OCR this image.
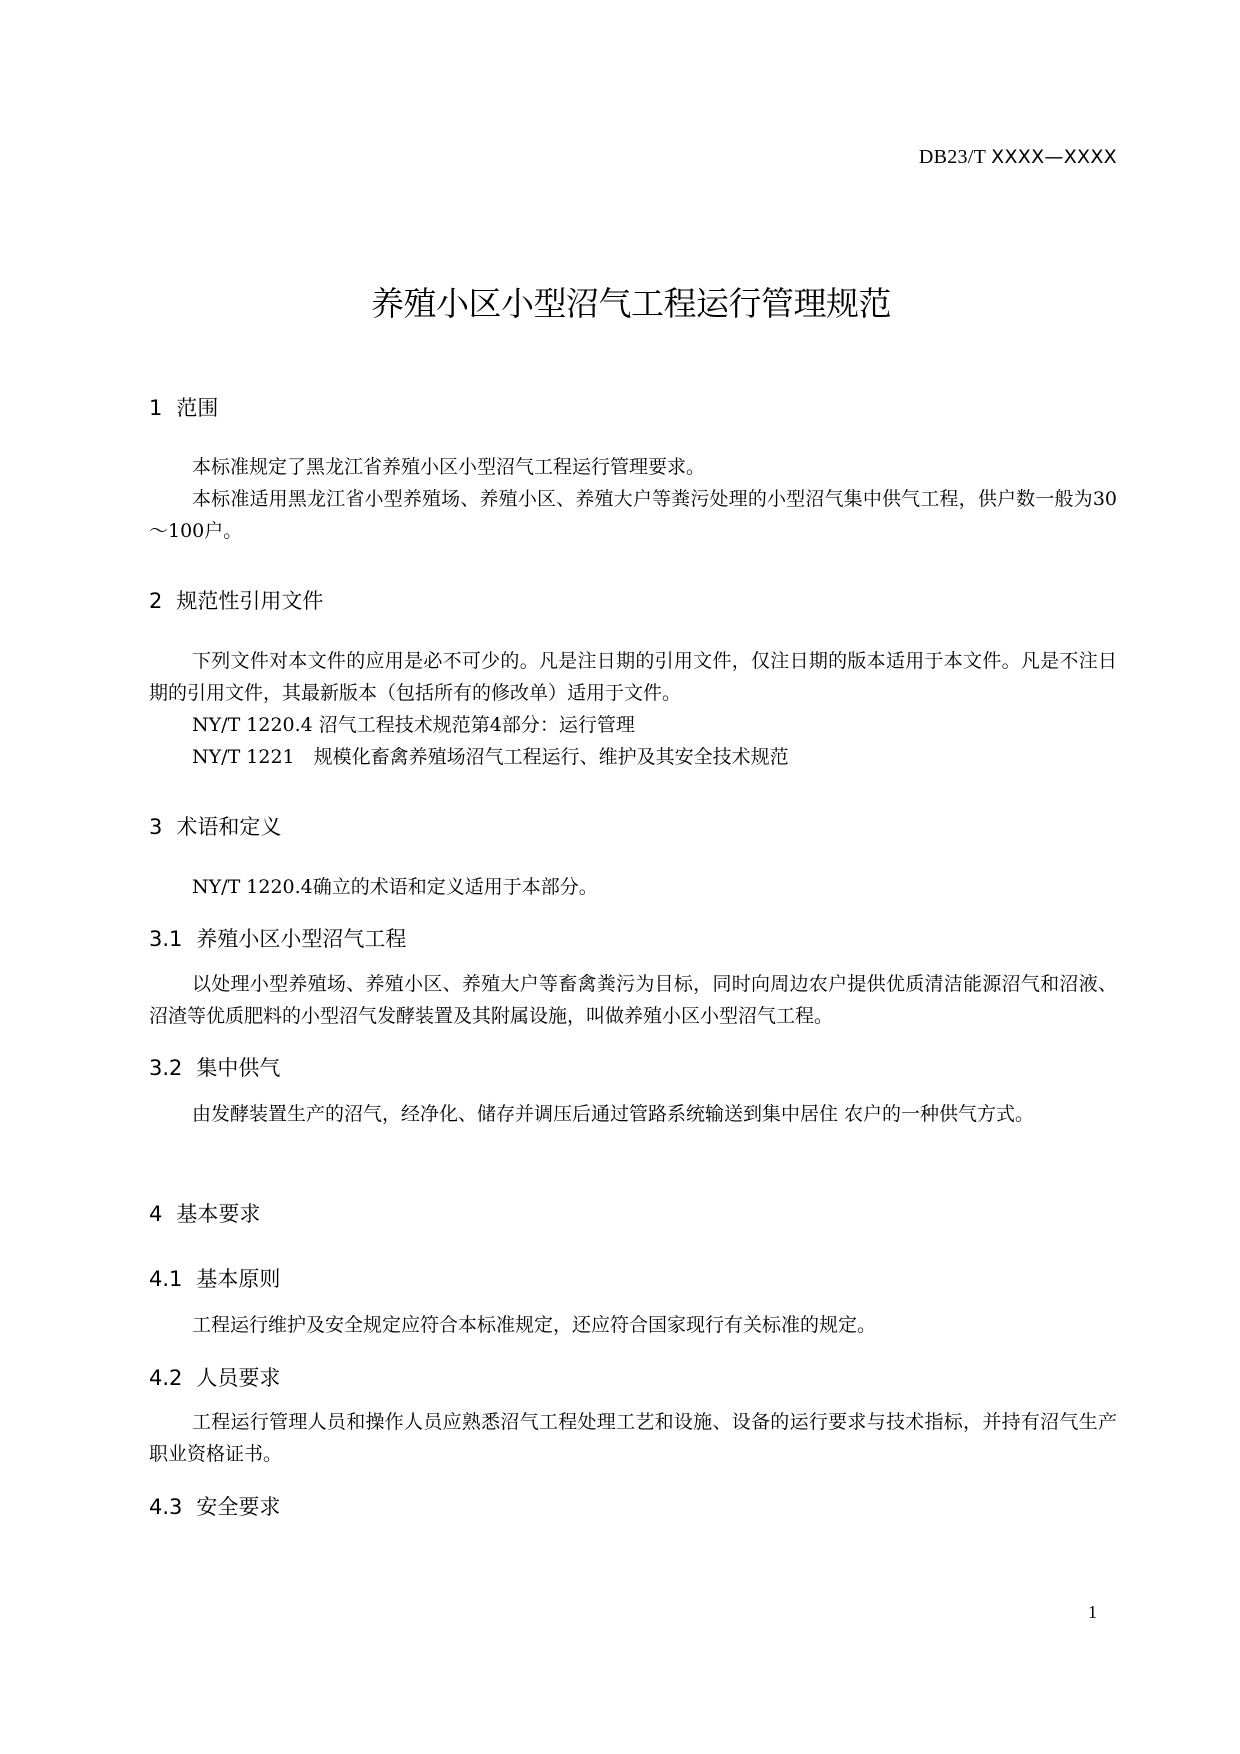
DB23/T XXXX—XXXX
养殖小区小型沼气工程运行管理规范

1 范围

本标准规定了黑龙江省养殖小区小型沼气工程运行管理要求。

本标准适用黑龙江省小型养殖场、养殖小区、养殖大户等粪污处理的小型沼气集中供气工程，供户数一般为30～100户。

2 规范性引用文件

下列文件对本文件的应用是必不可少的。凡是注日期的引用文件，仅注日期的版本适用于本文件。凡是不注日期的引用文件，其最新版本（包括所有的修改单）适用于文件。

NY/T 1220.4 沼气工程技术规范第4部分：运行管理

NY/T 1221　规模化畜禽养殖场沼气工程运行、维护及其安全技术规范

3 术语和定义

NY/T 1220.4确立的术语和定义适用于本部分。

3.1 养殖小区小型沼气工程

以处理小型养殖场、养殖小区、养殖大户等畜禽粪污为目标，同时向周边农户提供优质清洁能源沼气和沼液、沼渣等优质肥料的小型沼气发酵装置及其附属设施，叫做养殖小区小型沼气工程。

3.2 集中供气

由发酵装置生产的沼气，经净化、储存并调压后通过管路系统输送到集中居住 农户的一种供气方式。

4 基本要求

4.1 基本原则

工程运行维护及安全规定应符合本标准规定，还应符合国家现行有关标准的规定。

4.2 人员要求

工程运行管理人员和操作人员应熟悉沼气工程处理工艺和设施、设备的运行要求与技术指标，并持有沼气生产职业资格证书。

4.3 安全要求

1
